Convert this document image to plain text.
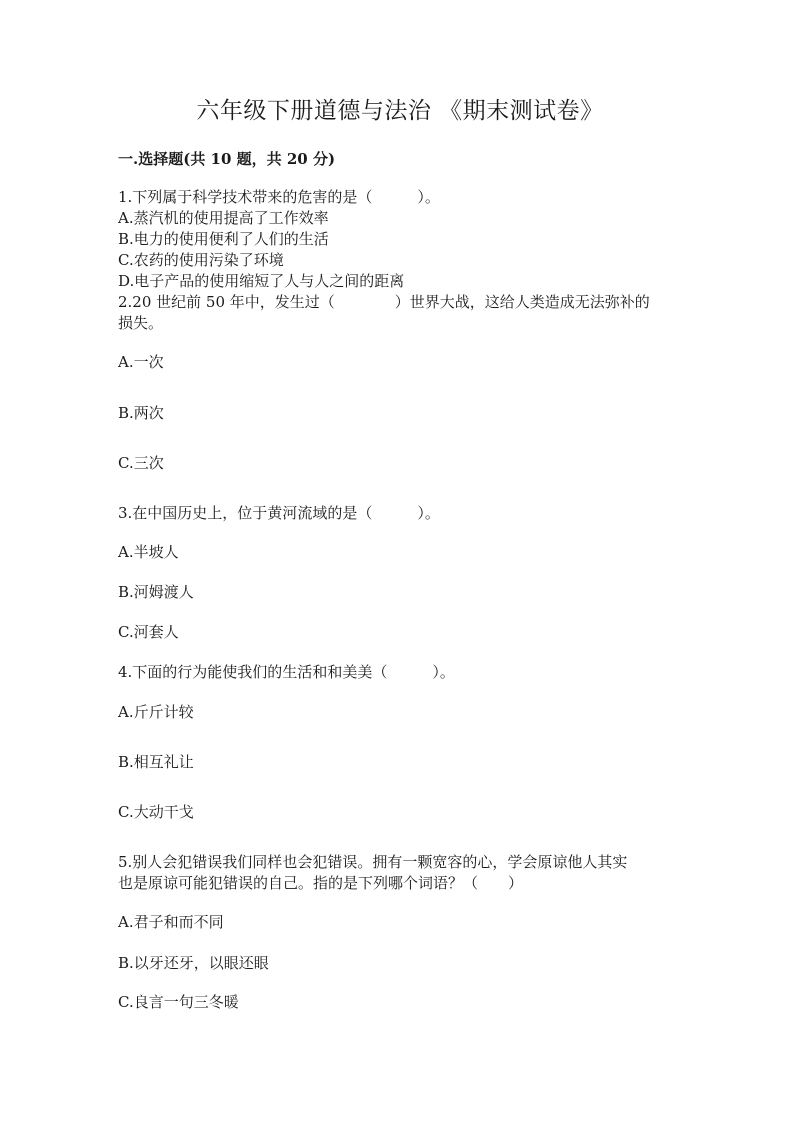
六年级下册道德与法治 《期末测试卷》
一.选择题(共 10 题，共 20 分)
1.下列属于科学技术带来的危害的是（　　　）。
A.蒸汽机的使用提高了工作效率
B.电力的使用便利了人们的生活
C.农药的使用污染了环境
D.电子产品的使用缩短了人与人之间的距离
2.20 世纪前 50 年中，发生过（　　　　）世界大战，这给人类造成无法弥补的
损失。
A.一次
B.两次
C.三次
3.在中国历史上，位于黄河流域的是（　　　）。
A.半坡人
B.河姆渡人
C.河套人
4.下面的行为能使我们的生活和和美美（　　　）。
A.斤斤计较
B.相互礼让
C.大动干戈
5.别人会犯错误我们同样也会犯错误。拥有一颗宽容的心，学会原谅他人其实
也是原谅可能犯错误的自己。指的是下列哪个词语？（　　）
A.君子和而不同
B.以牙还牙，以眼还眼
C.良言一句三冬暖
